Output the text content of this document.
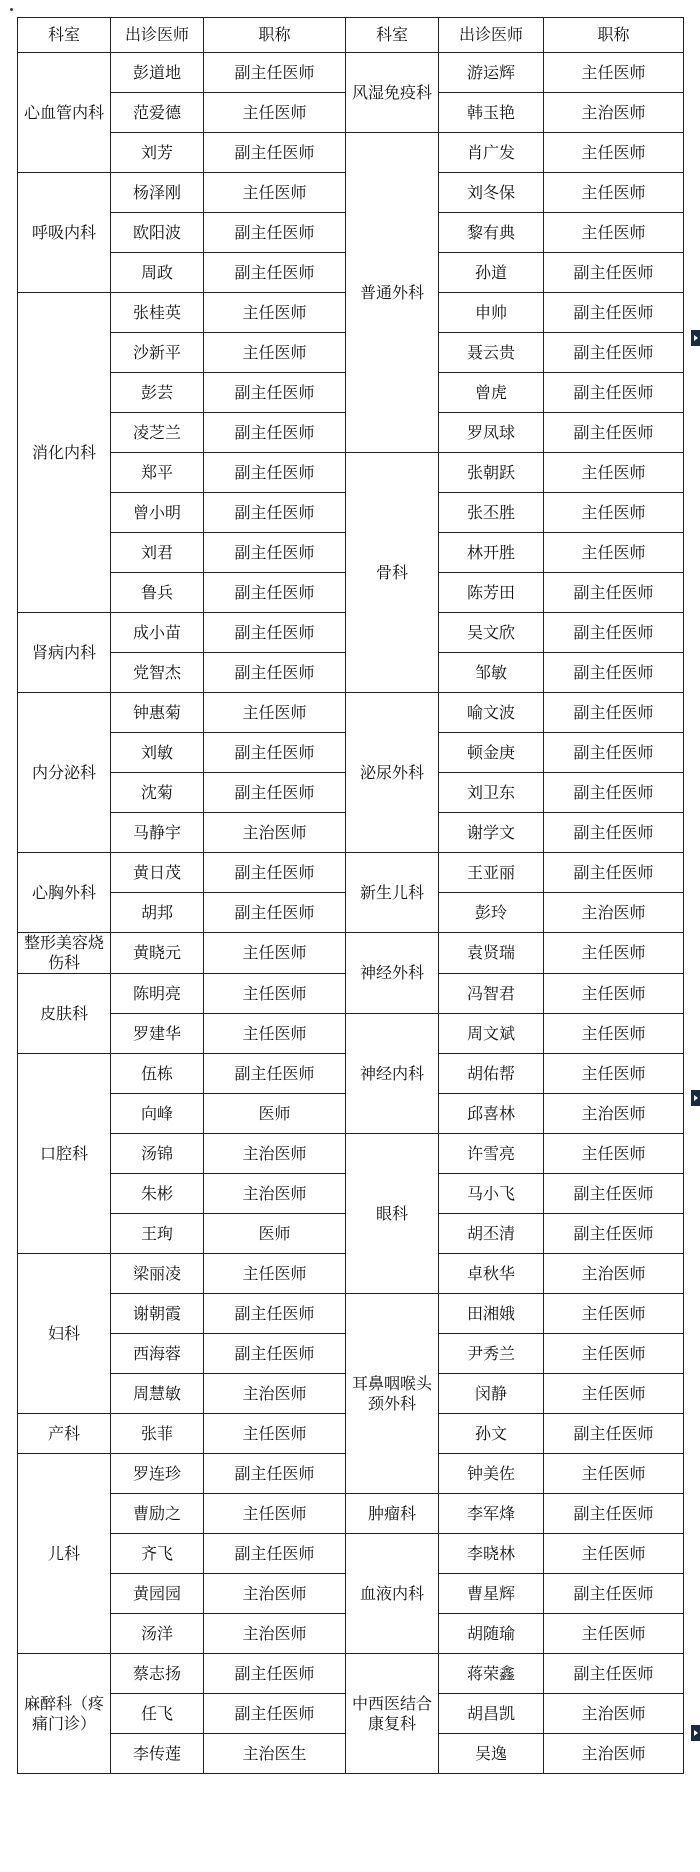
科室	出诊医师	职称	科室	出诊医师	职称
心血管内科	彭道地	副主任医师	风湿免疫科	游运辉	主任医师
	范爱德	主任医师		韩玉艳	主治医师
	刘芳	副主任医师	普通外科	肖广发	主任医师
呼吸内科	杨泽刚	主任医师		刘冬保	主任医师
	欧阳波	副主任医师		黎有典	主任医师
	周政	副主任医师		孙道	副主任医师
消化内科	张桂英	主任医师		申帅	副主任医师
	沙新平	主任医师		聂云贵	副主任医师
	彭芸	副主任医师		曾虎	副主任医师
	凌芝兰	副主任医师		罗凤球	副主任医师
	郑平	副主任医师	骨科	张朝跃	主任医师
	曾小明	副主任医师		张丕胜	主任医师
	刘君	副主任医师		林开胜	主任医师
	鲁兵	副主任医师		陈芳田	副主任医师
肾病内科	成小苗	副主任医师		吴文欣	副主任医师
	党智杰	副主任医师		邹敏	副主任医师
内分泌科	钟惠菊	主任医师	泌尿外科	喻文波	副主任医师
	刘敏	副主任医师		顿金庚	副主任医师
	沈菊	副主任医师		刘卫东	副主任医师
	马静宇	主治医师		谢学文	副主任医师
心胸外科	黄日茂	副主任医师	新生儿科	王亚丽	副主任医师
	胡邦	副主任医师		彭玲	主治医师
整形美容烧伤科	黄晓元	主任医师	神经外科	袁贤瑞	主任医师
皮肤科	陈明亮	主任医师		冯智君	主任医师
	罗建华	主任医师	神经内科	周文斌	主任医师
口腔科	伍栋	副主任医师		胡佑帮	主任医师
	向峰	医师		邱喜林	主治医师
	汤锦	主治医师	眼科	许雪亮	主任医师
	朱彬	主治医师		马小飞	副主任医师
	王珣	医师		胡丕清	副主任医师
妇科	梁丽凌	主任医师		卓秋华	主治医师
	谢朝霞	副主任医师	耳鼻咽喉头颈外科	田湘娥	主任医师
	西海蓉	副主任医师		尹秀兰	主任医师
	周慧敏	主治医师		闵静	主任医师
产科	张菲	主任医师		孙文	副主任医师
儿科	罗连珍	副主任医师		钟美佐	主任医师
	曹励之	主任医师	肿瘤科	李军烽	副主任医师
	齐飞	副主任医师	血液内科	李晓林	主任医师
	黄园园	主治医师		曹星辉	副主任医师
	汤洋	主治医师		胡随瑜	主任医师
麻醉科（疼痛门诊）	蔡志扬	副主任医师	中西医结合康复科	蒋荣鑫	副主任医师
	任飞	副主任医师		胡昌凯	主治医师
	李传莲	主治医生		吴逸	主治医师
